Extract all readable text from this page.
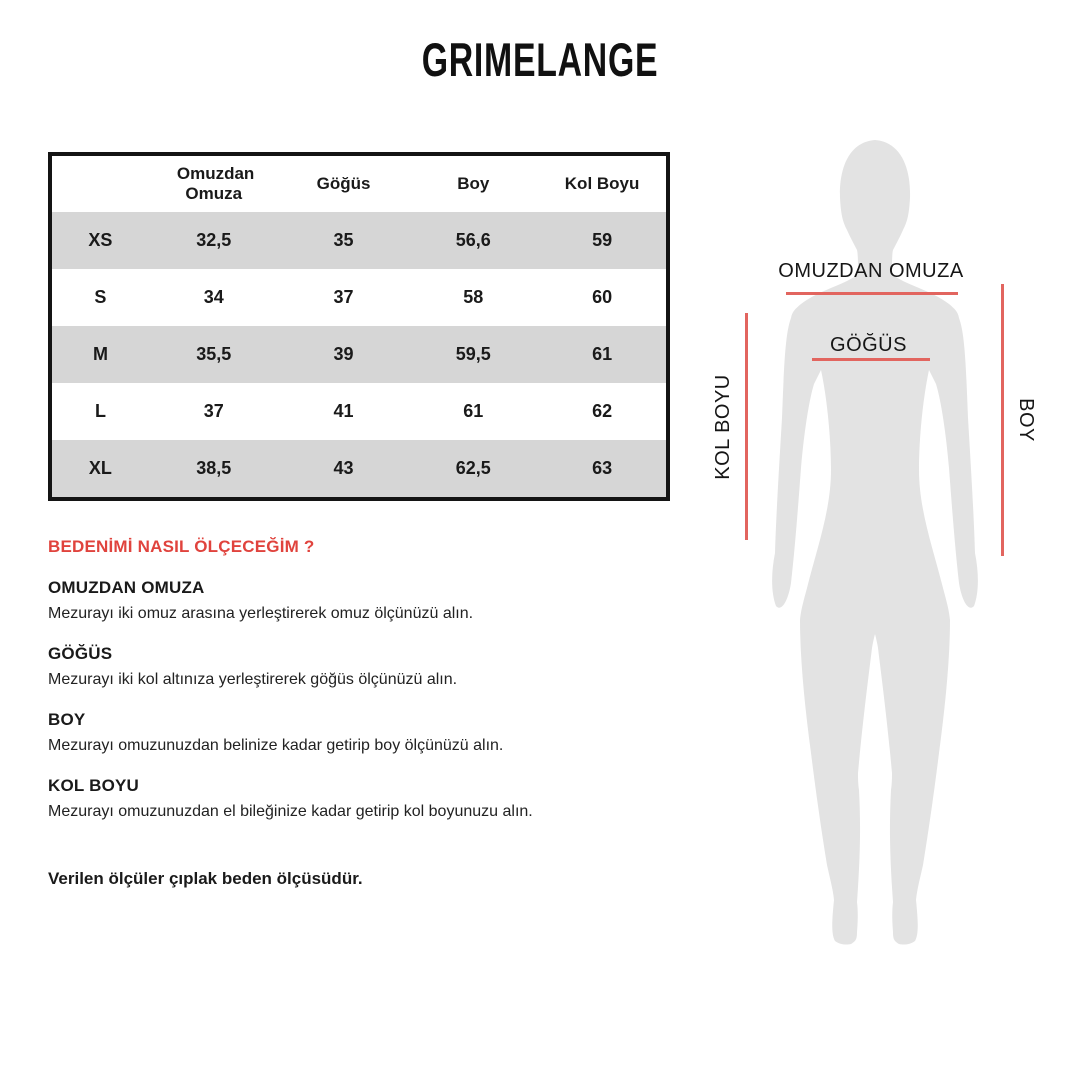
GRIMELANGE
	Omuzdan Omuza	Göğüs	Boy	Kol Boyu
XS	32,5	35	56,6	59
S	34	37	58	60
M	35,5	39	59,5	61
L	37	41	61	62
XL	38,5	43	62,5	63

BEDENİMİ NASIL ÖLÇECEĞİM ?

OMUZDAN OMUZA

Mezurayı iki omuz arasına yerleştirerek omuz ölçünüzü alın.

GÖĞÜS

Mezurayı iki kol altınıza yerleştirerek göğüs ölçünüzü alın.

BOY

Mezurayı omuzunuzdan belinize kadar getirip boy ölçünüzü alın.

KOL BOYU

Mezurayı omuzunuzdan el bileğinize kadar getirip kol boyunuzu alın.

Verilen ölçüler çıplak beden ölçüsüdür.

OMUZDAN OMUZA
GÖĞÜS
KOL BOYU	BOY
